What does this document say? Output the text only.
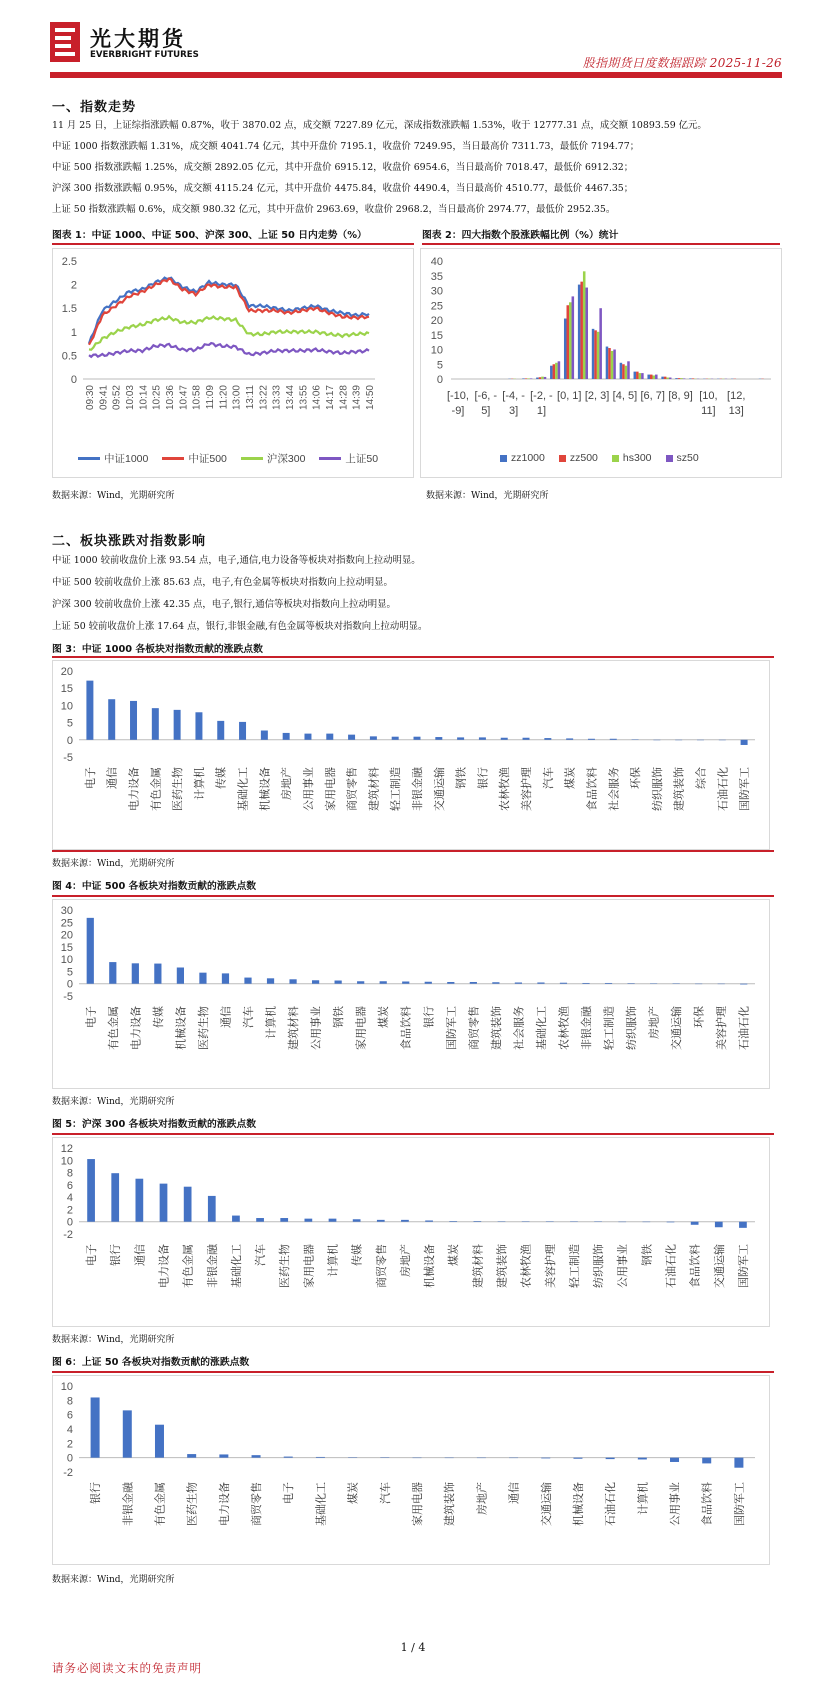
光大期货
EVERBRIGHT FUTURES
股指期货日度数据跟踪 2025-11-26
一、指数走势
11 月 25 日，上证综指涨跌幅 0.87%，收于 3870.02 点，成交额 7227.89 亿元，深成指数涨跌幅 1.53%，收于 12777.31 点，成交额 10893.59 亿元。
中证 1000 指数涨跌幅 1.31%，成交额 4041.74 亿元，其中开盘价 7195.1，收盘价 7249.95，当日最高价 7311.73，最低价 7194.77；
中证 500 指数涨跌幅 1.25%，成交额 2892.05 亿元，其中开盘价 6915.12，收盘价 6954.6，当日最高价 7018.47，最低价 6912.32；
沪深 300 指数涨跌幅 0.95%，成交额 4115.24 亿元，其中开盘价 4475.84，收盘价 4490.4，当日最高价 4510.77，最低价 4467.35；
上证 50 指数涨跌幅 0.6%，成交额 980.32 亿元，其中开盘价 2963.69，收盘价 2968.2，当日最高价 2974.77，最低价 2952.35。
图表 1：中证 1000、中证 500、沪深 300、上证 50 日内走势（%）	图表 2：四大指数个股涨跌幅比例（%）统计
0
0.5
1
1.5
2
2.5
09:30 09:41 09:52 10:03 10:14 10:25 10:36 10:47 10:58 11:09 11:20 13:00 13:11 13:22 13:33 13:44 13:55 14:06 14:17 14:28 14:39 14:50
中证1000	中证500	沪深300	上证50
0
5
10
15
20
25
30
35
40
[-10,
-9]
[-6, -
5]
[-4, -
3]
[-2, -
1]
[0, 1] [2, 3] [4, 5] [6, 7] [8, 9] [10,
11]
[12,
13]
zz1000 zz500 hs300 sz50
数据来源：Wind，光期研究所	数据来源：Wind，光期研究所
二、板块涨跌对指数影响
中证 1000 较前收盘价上涨 93.54 点，电子,通信,电力设备等板块对指数向上拉动明显。
中证 500 较前收盘价上涨 85.63 点，电子,有色金属等板块对指数向上拉动明显。
沪深 300 较前收盘价上涨 42.35 点，电子,银行,通信等板块对指数向上拉动明显。
上证 50 较前收盘价上涨 17.64 点，银行,非银金融,有色金属等板块对指数向上拉动明显。
图 3：中证 1000 各板块对指数贡献的涨跌点数
-5
0
5
10
15
20
电子 通信 电力设备 有色金属 医药生物 计算机 传媒 基础化工 机械设备 房地产 公用事业 家用电器 商贸零售 建筑材料 轻工制造 非银金融 交通运输 钢铁 银行 农林牧渔 美容护理 汽车 煤炭 食品饮料 社会服务 环保 纺织服饰 建筑装饰 综合 石油石化 国防军工
数据来源：Wind，光期研究所
图 4：中证 500 各板块对指数贡献的涨跌点数
-5
0
5
10
15
20
25
30
电子 有色金属 电力设备 传媒 机械设备 医药生物 通信 汽车 计算机 建筑材料 公用事业 钢铁 家用电器 煤炭 食品饮料 银行 国防军工 商贸零售 建筑装饰 社会服务 基础化工 农林牧渔 非银金融 轻工制造 纺织服饰 房地产 交通运输 环保 美容护理 石油石化
数据来源：Wind，光期研究所
图 5：沪深 300 各板块对指数贡献的涨跌点数
-2
0
2
4
6
8
10
12
电子 银行 通信 电力设备 有色金属 非银金融 基础化工 汽车 医药生物 家用电器 计算机 传媒 商贸零售 房地产 机械设备 煤炭 建筑材料 建筑装饰 农林牧渔 美容护理 轻工制造 纺织服饰 公用事业 钢铁 石油石化 食品饮料 交通运输 国防军工
数据来源：Wind，光期研究所
图 6：上证 50 各板块对指数贡献的涨跌点数
-2
0
2
4
6
8
10
银行 非银金融 有色金属 医药生物 电力设备 商贸零售 电子 基础化工 煤炭 汽车 家用电器 建筑装饰 房地产 通信 交通运输 机械设备 石油石化 计算机 公用事业 食品饮料 国防军工
数据来源：Wind，光期研究所
1 / 4
请务必阅读文末的免责声明
